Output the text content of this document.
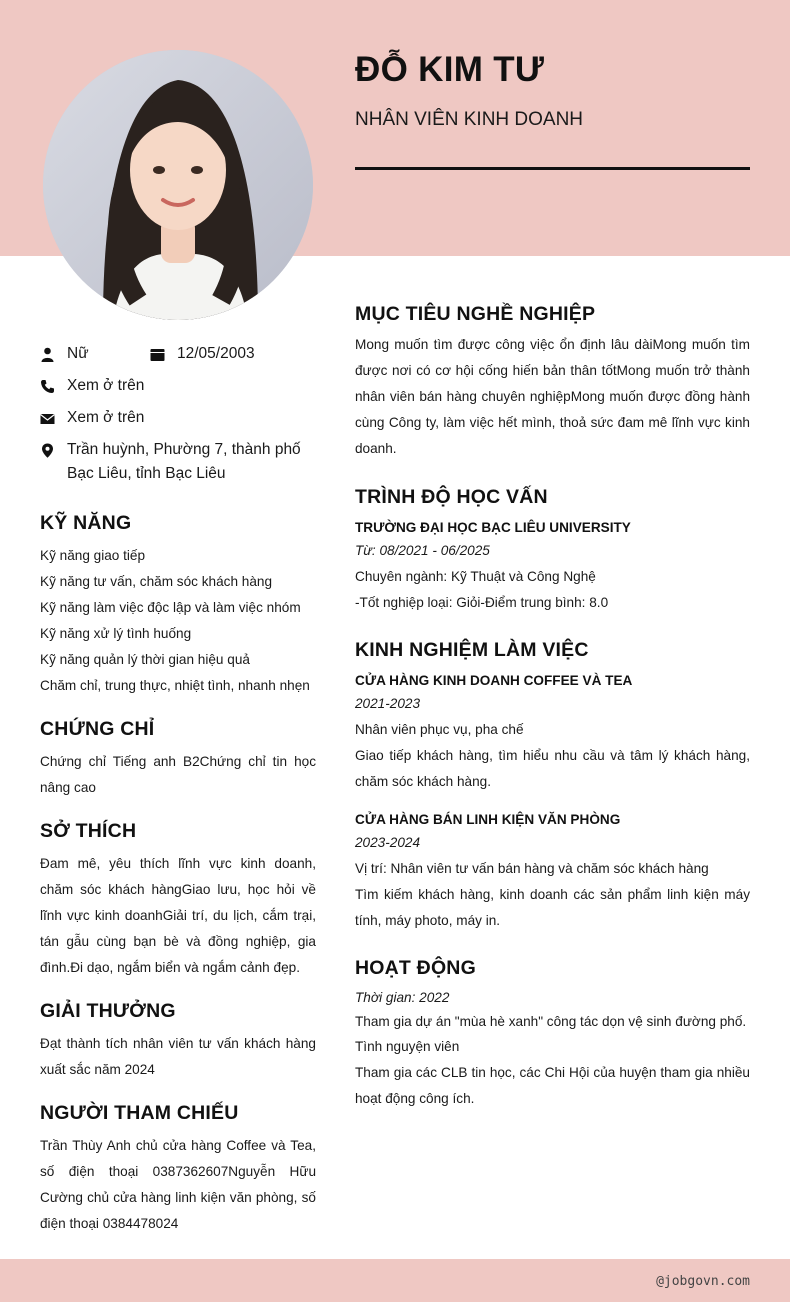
ĐỖ KIM TƯ
NHÂN VIÊN KINH DOANH
Nữ	12/05/2003
Xem ở trên
Xem ở trên
Trần huỳnh, Phường 7, thành phố
Bạc Liêu, tỉnh Bạc Liêu
KỸ NĂNG
Kỹ năng giao tiếp
Kỹ năng tư vấn, chăm sóc khách hàng
Kỹ năng làm việc độc lập và làm việc nhóm
Kỹ năng xử lý tình huống
Kỹ năng quản lý thời gian hiệu quả
Chăm chỉ, trung thực, nhiệt tình, nhanh nhẹn
CHỨNG CHỈ
Chứng chỉ Tiếng anh B2Chứng chỉ tin học nâng cao
SỞ THÍCH
Đam mê, yêu thích lĩnh vực kinh doanh, chăm sóc khách hàngGiao lưu, học hỏi về lĩnh vực kinh doanhGiải trí, du lịch, cắm trại, tán gẫu cùng bạn bè và đồng nghiệp, gia đình.Đi dạo, ngắm biển và ngắm cảnh đẹp.
GIẢI THƯỞNG
Đạt thành tích nhân viên tư vấn khách hàng xuất sắc năm 2024
NGƯỜI THAM CHIẾU
Trần Thùy Anh chủ cửa hàng Coffee và Tea, số điện thoại 0387362607Nguyễn Hữu Cường chủ cửa hàng linh kiện văn phòng, số điện thoại 0384478024
MỤC TIÊU NGHỀ NGHIỆP
Mong muốn tìm được công việc ổn định lâu dàiMong muốn tìm được nơi có cơ hội cống hiến bản thân tốtMong muốn trở thành nhân viên bán hàng chuyên nghiệpMong muốn được đồng hành cùng Công ty, làm việc hết mình, thoả sức đam mê lĩnh vực kinh doanh.
TRÌNH ĐỘ HỌC VẤN
TRƯỜNG ĐẠI HỌC BẠC LIÊU UNIVERSITY
Từ: 08/2021 - 06/2025
Chuyên ngành: Kỹ Thuật và Công Nghệ
-Tốt nghiệp loại: Giỏi-Điểm trung bình: 8.0
KINH NGHIỆM LÀM VIỆC
CỬA HÀNG KINH DOANH COFFEE VÀ TEA
2021-2023
Nhân viên phục vụ, pha chế
Giao tiếp khách hàng, tìm hiểu nhu cầu và tâm lý khách hàng, chăm sóc khách hàng.
CỬA HÀNG BÁN LINH KIỆN VĂN PHÒNG
2023-2024
Vị trí: Nhân viên tư vấn bán hàng và chăm sóc khách hàng
Tìm kiếm khách hàng, kinh doanh các sản phẩm linh kiện máy tính, máy photo, máy in.
HOẠT ĐỘNG
Thời gian: 2022
Tham gia dự án "mùa hè xanh" công tác dọn vệ sinh đường phố.
Tình nguyện viên
Tham gia các CLB tin học, các Chi Hội của huyện tham gia nhiều hoạt động công ích.
@jobgovn.com
